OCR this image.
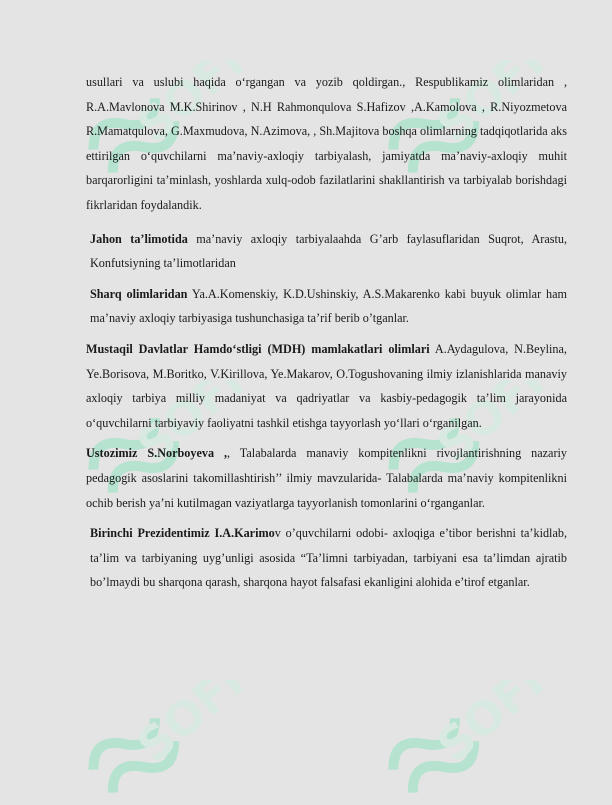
SOFF	SOFF
SOFF	SOFF
SOFF	SOFF

usullari va uslubi haqida oʻrgangan va yozib qoldirgan., Respublikamiz olimlaridan , R.A.Mavlonova M.K.Shirinov , N.H Rahmonqulova S.Hafizov ,A.Kamolova , R.Niyozmetova R.Mamatqulova, G.Maxmudova, N.Azimova, , Sh.Majitova boshqa olimlarning tadqiqotlarida aks ettirilgan oʻquvchilarni maʼnaviy-axloqiy tarbiyalash, jamiyatda maʼnaviy-axloqiy muhit barqarorligini taʼminlash, yoshlarda xulq-odob fazilatlarini shakllantirish va tarbiyalab borishdagi fikrlaridan foydalandik.

Jahon taʼlimotida maʼnaviy axloqiy tarbiyalaahda G’arb faylasuflaridan Suqrot, Arastu, Konfutsiyning taʼlimotlaridan

Sharq olimlaridan Ya.A.Komenskiy, K.D.Ushinskiy, A.S.Makarenko kabi buyuk olimlar ham maʼnaviy axloqiy tarbiyasiga tushunchasiga taʼrif berib o’tganlar.

Mustaqil Davlatlar Hamdoʻstligi (MDH) mamlakatlari olimlari A.Aydagulova, N.Beylina, Ye.Borisova, M.Boritko, V.Kirillova, Ye.Makarov, O.Togushovaning ilmiy izlanishlarida manaviy axloqiy tarbiya milliy madaniyat va qadriyatlar va kasbiy-pedagogik taʼlim jarayonida oʻquvchilarni tarbiyaviy faoliyatni tashkil etishga tayyorlash yoʻllari oʻrganilgan.

Ustozimiz S.Norboyeva ,, Talabalarda manaviy kompitenlikni rivojlantirishning nazariy pedagogik asoslarini takomillashtirish’’ ilmiy mavzularida- Talabalarda maʼnaviy kompitenlikni ochib berish yaʼni kutilmagan vaziyatlarga tayyorlanish tomonlarini oʻrganganlar.

Birinchi Prezidentimiz I.A.Karimov o’quvchilarni odobi- axloqiga e’tibor berishni ta’kidlab, ta’lim va tarbiyaning uyg’unligi asosida “Ta’limni tarbiyadan, tarbiyani esa ta’limdan ajratib bo’lmaydi bu sharqona qarash, sharqona hayot falsafasi ekanligini alohida e’tirof etganlar.
